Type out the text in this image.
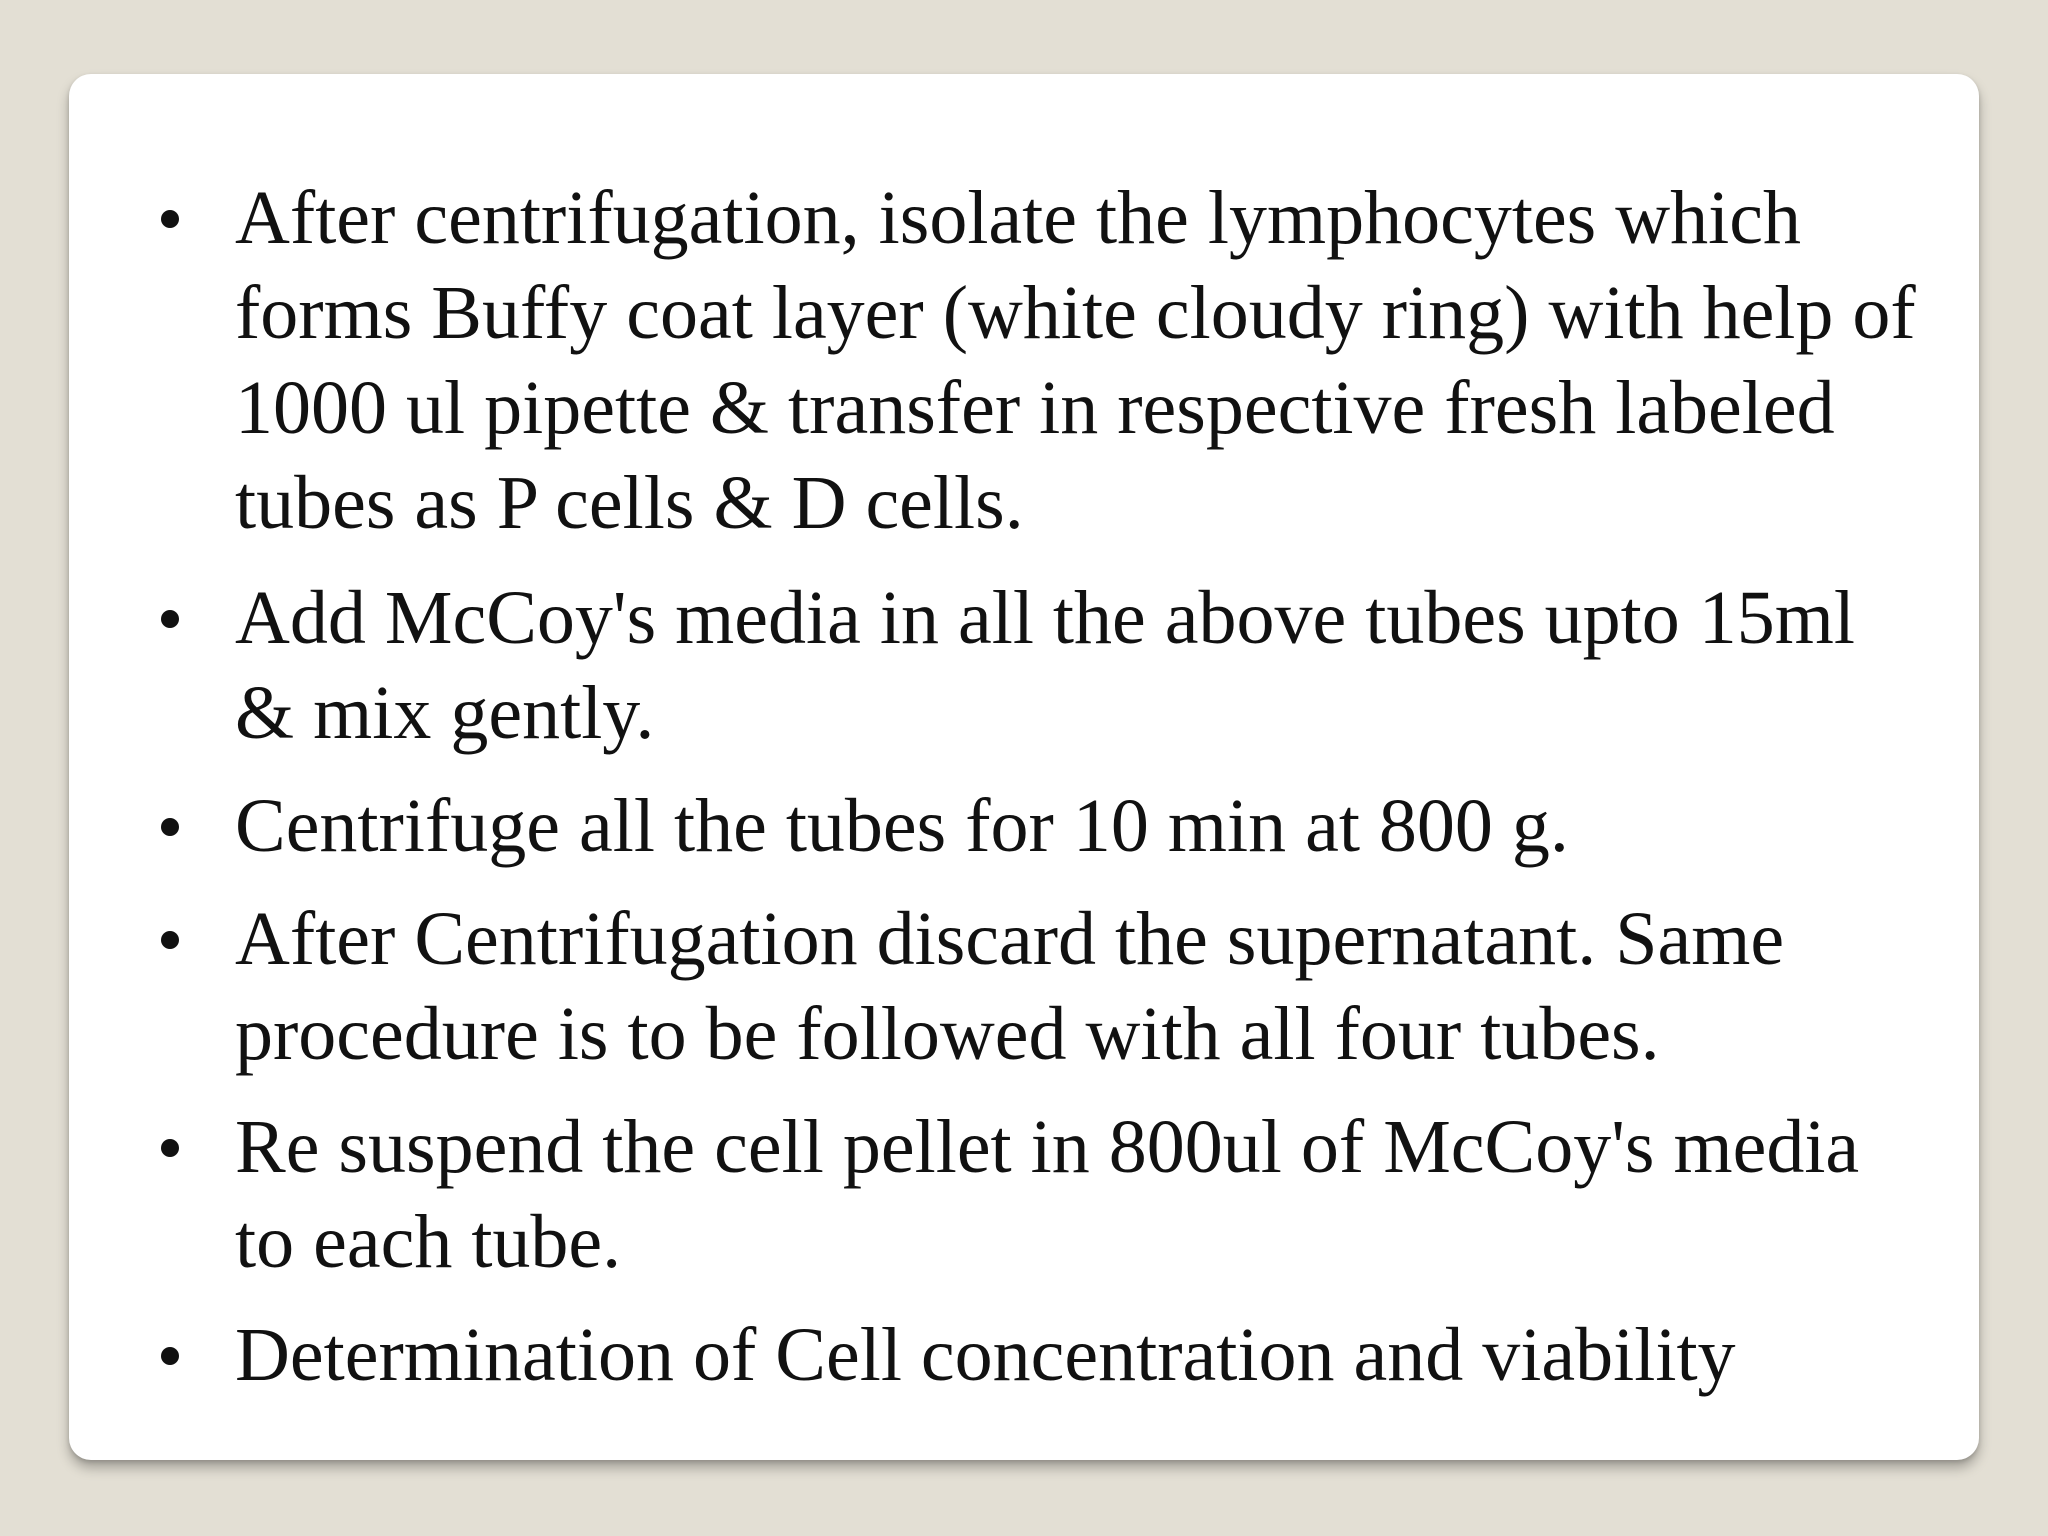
After centrifugation, isolate the lymphocytes which
forms Buffy coat layer (white cloudy ring) with help of
1000 ul pipette & transfer in respective fresh labeled
tubes as P cells & D cells.

Add McCoy's media in all the above tubes upto 15ml
& mix gently.

Centrifuge all the tubes for 10 min at 800 g.

After Centrifugation discard the supernatant. Same
procedure is to be followed with all four tubes.

Re suspend the cell pellet in 800ul of McCoy's media
to each tube.

Determination of Cell concentration and viability
